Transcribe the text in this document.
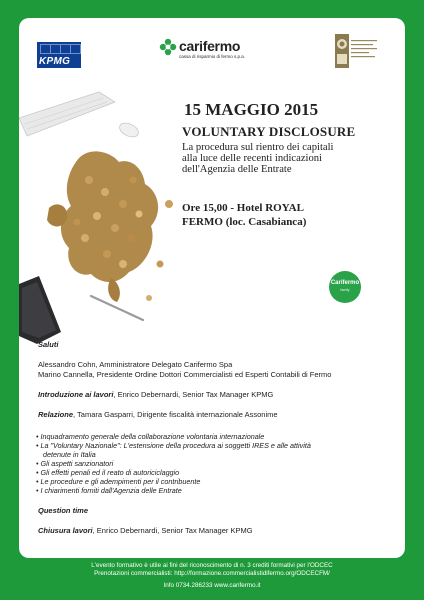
KPMG
carifermo
cassa di risparmio di fermo s.p.a.
15 MAGGIO 2015
VOLUNTARY DISCLOSURE
La procedura sul rientro dei capitali
alla luce delle recenti indicazioni
dell'Agenzia delle Entrate
Ore 15,00 - Hotel ROYAL
FERMO (loc. Casabianca)
Carifermo
family
Saluti
Alessandro Cohn, Amministratore Delegato Carifermo Spa
Marino Cannella, Presidente Ordine Dottori Commercialisti ed Esperti Contabili di Fermo
Introduzione ai lavori, Enrico Debernardi, Senior Tax Manager KPMG
Relazione, Tamara Gasparri, Dirigente fiscalità internazionale Assonime
• Inquadramento generale della collaborazione volontaria internazionale
• La "Voluntary Nazionale": L'estensione della procedura ai soggetti IRES e alle attività
detenute in Italia
• Gli aspetti sanzionatori
• Gli effetti penali ed il reato di autoriciclaggio
• Le procedure e gli adempimenti per il contribuente
• I chiarimenti forniti dall'Agenzia delle Entrate
Question time
Chiusura lavori, Enrico Debernardi, Senior Tax Manager KPMG
L'evento formativo è utile ai fini del riconoscimento di n. 3 crediti formativi per l'ODCEC
Prenotazioni commercialisti: http://formazione.commercialistidifermo.org/ODCECFM/
Info 0734.286233 www.carifermo.it
